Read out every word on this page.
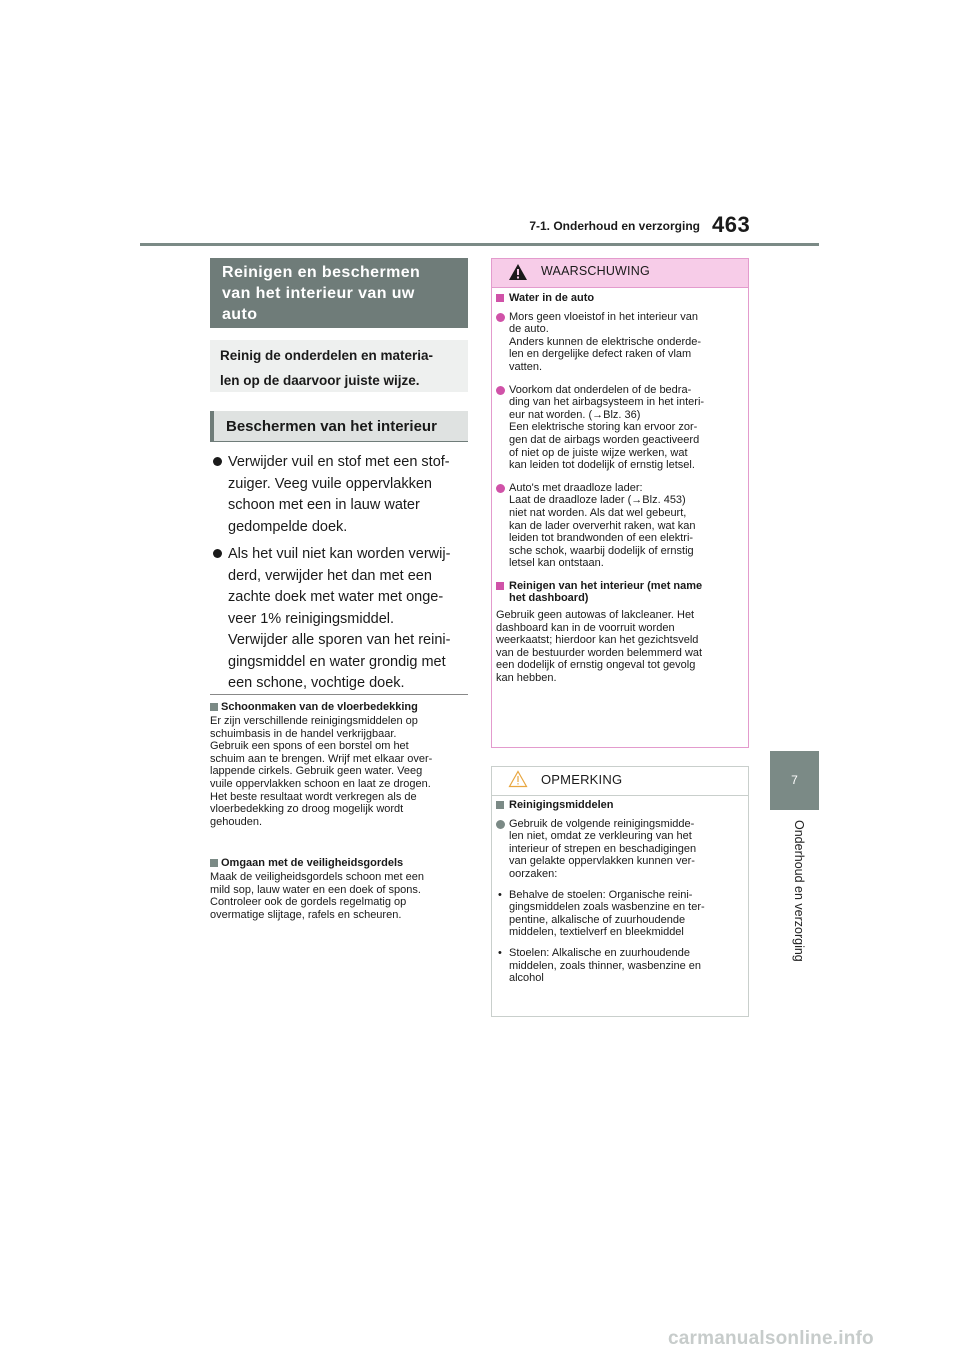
7-1. Onderhoud en verzorging 463
7
Onderhoud en verzorging
Reinigen en beschermen
van het interieur van uw
auto
Reinig de onderdelen en materia-
len op de daarvoor juiste wijze.
Beschermen van het interieur

Verwijder vuil en stof met een stof-

zuiger. Veeg vuile oppervlakken

schoon met een in lauw water

gedompelde doek.

Als het vuil niet kan worden verwij-

derd, verwijder het dan met een

zachte doek met water met onge-

veer 1% reinigingsmiddel.

Verwijder alle sporen van het reini-

gingsmiddel en water grondig met

een schone, vochtige doek.

Schoonmaken van de vloerbedekking
Er zijn verschillende reinigingsmiddelen op
schuimbasis in de handel verkrijgbaar.
Gebruik een spons of een borstel om het
schuim aan te brengen. Wrijf met elkaar over-
lappende cirkels. Gebruik geen water. Veeg
vuile oppervlakken schoon en laat ze drogen.
Het beste resultaat wordt verkregen als de
vloerbedekking zo droog mogelijk wordt
gehouden.
Omgaan met de veiligheidsgordels
Maak de veiligheidsgordels schoon met een
mild sop, lauw water en een doek of spons.
Controleer ook de gordels regelmatig op
overmatige slijtage, rafels en scheuren.
WAARSCHUWING
Water in de auto

Mors geen vloeistof in het interieur van

de auto.

Anders kunnen de elektrische onderde-

len en dergelijke defect raken of vlam

vatten.

Voorkom dat onderdelen of de bedra-

ding van het airbagsysteem in het interi-

eur nat worden. (→Blz. 36)

Een elektrische storing kan ervoor zor-

gen dat de airbags worden geactiveerd

of niet op de juiste wijze werken, wat

kan leiden tot dodelijk of ernstig letsel.

Auto's met draadloze lader:

Laat de draadloze lader (→Blz. 453)

niet nat worden. Als dat wel gebeurt,

kan de lader oververhit raken, wat kan

leiden tot brandwonden of een elektri-

sche schok, waarbij dodelijk of ernstig

letsel kan ontstaan.

Reinigen van het interieur (met name
het dashboard)

Gebruik geen autowas of lakcleaner. Het

dashboard kan in de voorruit worden

weerkaatst; hierdoor kan het gezichtsveld

van de bestuurder worden belemmerd wat

een dodelijk of ernstig ongeval tot gevolg

kan hebben.

OPMERKING
Reinigingsmiddelen

Gebruik de volgende reinigingsmidde-

len niet, omdat ze verkleuring van het

interieur of strepen en beschadigingen

van gelakte oppervlakken kunnen ver-

oorzaken:

• Behalve de stoelen: Organische reini-

gingsmiddelen zoals wasbenzine en ter-

pentine, alkalische of zuurhoudende

middelen, textielverf en bleekmiddel

• Stoelen: Alkalische en zuurhoudende

middelen, zoals thinner, wasbenzine en

alcohol

carmanualsonline.info
